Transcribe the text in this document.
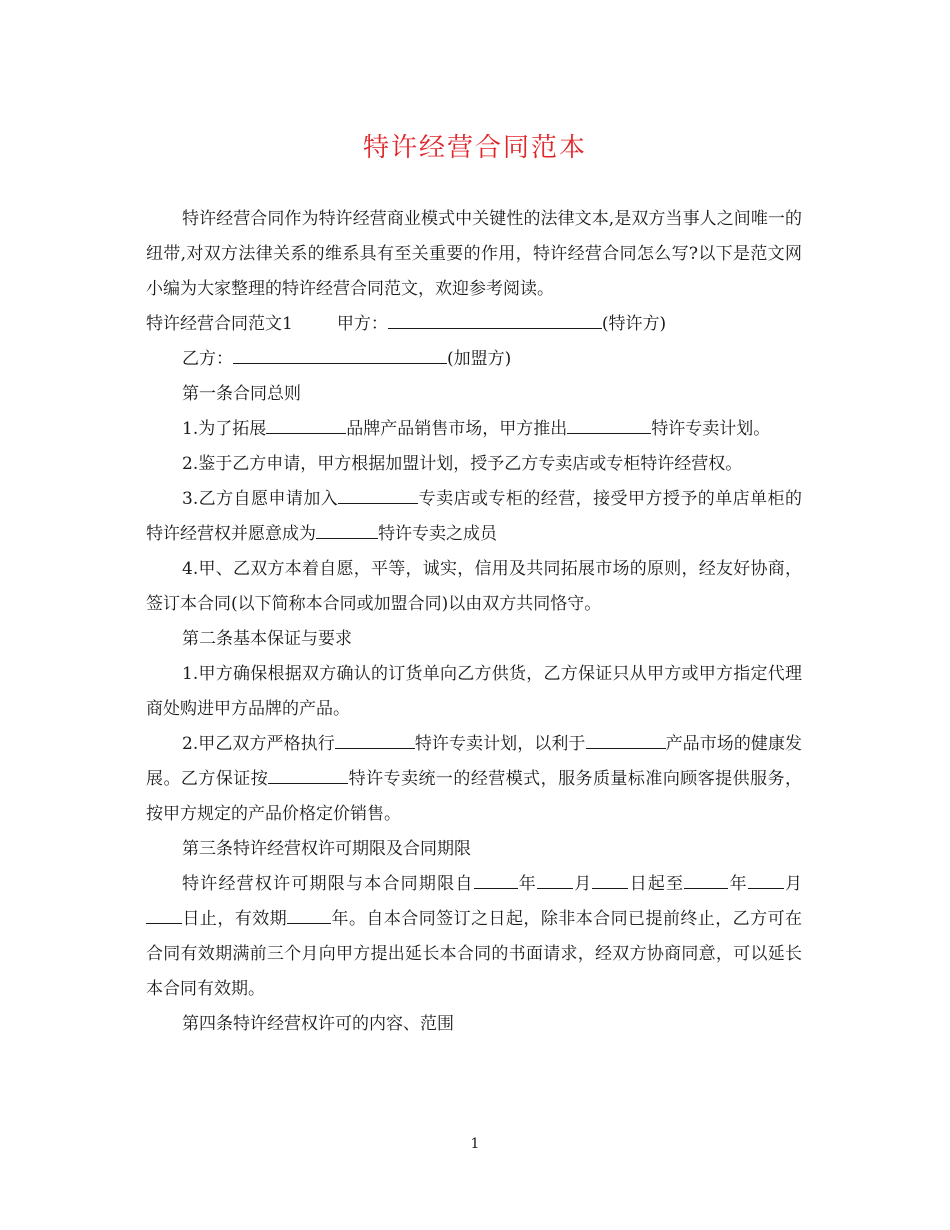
特许经营合同范本

特许经营合同作为特许经营商业模式中关键性的法律文本,是双方当事人之间唯一的纽带,对双方法律关系的维系具有至关重要的作用，特许经营合同怎么写?以下是范文网小编为大家整理的特许经营合同范文，欢迎参考阅读。

特许经营合同范文1	甲方：	(特许方)

乙方：	(加盟方)

第一条合同总则

1.为了拓展	品牌产品销售市场，甲方推出	特许专卖计划。

2.鉴于乙方申请，甲方根据加盟计划，授予乙方专卖店或专柜特许经营权。

3.乙方自愿申请加入	专卖店或专柜的经营，接受甲方授予的单店单柜的特许经营权并愿意成为	特许专卖之成员

4.甲、乙双方本着自愿，平等，诚实，信用及共同拓展市场的原则，经友好协商，签订本合同(以下简称本合同或加盟合同)以由双方共同恪守。

第二条基本保证与要求

1.甲方确保根据双方确认的订货单向乙方供货，乙方保证只从甲方或甲方指定代理商处购进甲方品牌的产品。

2.甲乙双方严格执行	特许专卖计划，以利于	产品市场的健康发展。乙方保证按	特许专卖统一的经营模式，服务质量标准向顾客提供服务，按甲方规定的产品价格定价销售。

第三条特许经营权许可期限及合同期限

特许经营权许可期限与本合同期限自	年 月 日起至	年 月日止，有效期	年。自本合同签订之日起，除非本合同已提前终止，乙方可在合同有效期满前三个月向甲方提出延长本合同的书面请求，经双方协商同意，可以延长本合同有效期。

第四条特许经营权许可的内容、范围

1
